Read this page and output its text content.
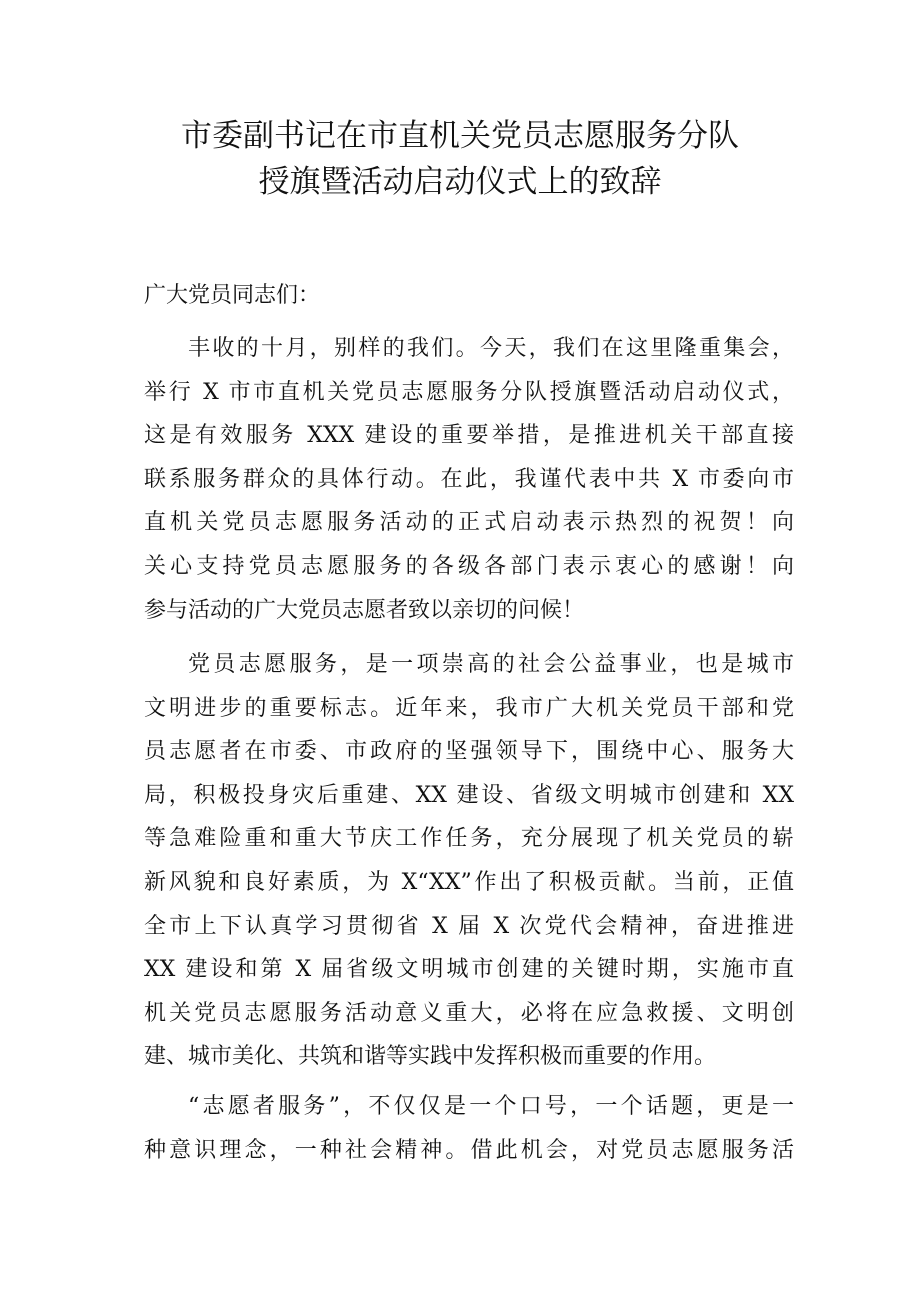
市委副书记在市直机关党员志愿服务分队
授旗暨活动启动仪式上的致辞

广大党员同志们：

丰收的十月，别样的我们。今天，我们在这里隆重集会，
举行 X 市市直机关党员志愿服务分队授旗暨活动启动仪式，
这是有效服务 XXX 建设的重要举措，是推进机关干部直接
联系服务群众的具体行动。在此，我谨代表中共 X 市委向市
直机关党员志愿服务活动的正式启动表示热烈的祝贺！向
关心支持党员志愿服务的各级各部门表示衷心的感谢！向
参与活动的广大党员志愿者致以亲切的问候！

党员志愿服务，是一项崇高的社会公益事业，也是城市
文明进步的重要标志。近年来，我市广大机关党员干部和党
员志愿者在市委、市政府的坚强领导下，围绕中心、服务大
局，积极投身灾后重建、XX 建设、省级文明城市创建和 XX
等急难险重和重大节庆工作任务，充分展现了机关党员的崭
新风貌和良好素质，为 X“XX”作出了积极贡献。当前，正值
全市上下认真学习贯彻省 X 届 X 次党代会精神，奋进推进
XX 建设和第 X 届省级文明城市创建的关键时期，实施市直
机关党员志愿服务活动意义重大，必将在应急救援、文明创
建、城市美化、共筑和谐等实践中发挥积极而重要的作用。

“志愿者服务”，不仅仅是一个口号，一个话题，更是一
种意识理念，一种社会精神。借此机会，对党员志愿服务活
